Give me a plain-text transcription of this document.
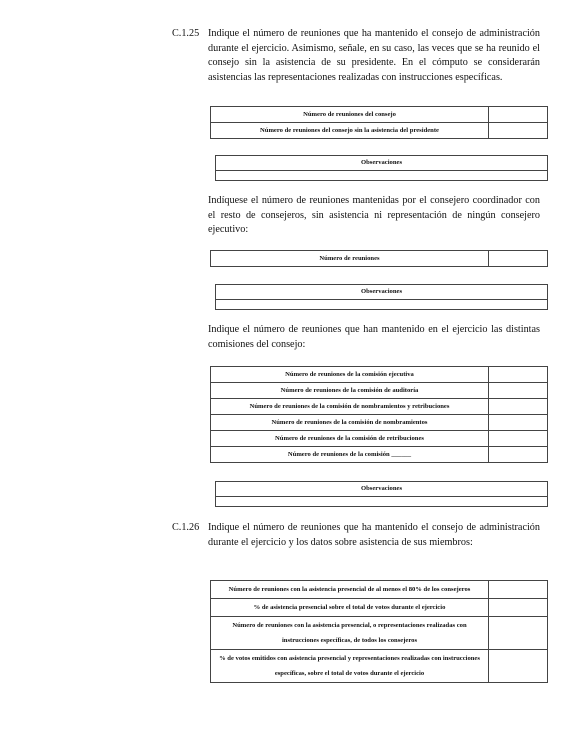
C.1.25 Indique el número de reuniones que ha mantenido el consejo de administración durante el ejercicio. Asimismo, señale, en su caso, las veces que se ha reunido el consejo sin la asistencia de su presidente. En el cómputo se considerarán asistencias las representaciones realizadas con instrucciones específicas.
Número de reuniones del consejo	
Número de reuniones del consejo sin la asistencia del presidente	
Observaciones
Indíquese el número de reuniones mantenidas por el consejero coordinador con el resto de consejeros, sin asistencia ni representación de ningún consejero ejecutivo:
Número de reuniones	
Observaciones
Indique el número de reuniones que han mantenido en el ejercicio las distintas comisiones del consejo:
Número de reuniones de la comisión ejecutiva	
Número de reuniones de la comisión de auditoría	
Número de reuniones de la comisión de nombramientos y retribuciones	
Número de reuniones de la comisión de nombramientos	
Número de reuniones de la comisión de retribuciones	
Número de reuniones de la comisión ______	
Observaciones
C.1.26 Indique el número de reuniones que ha mantenido el consejo de administración durante el ejercicio y los datos sobre asistencia de sus miembros:
Número de reuniones con la asistencia presencial de al menos el 80% de los consejeros	
% de asistencia presencial sobre el total de votos durante el ejercicio	
Número de reuniones con la asistencia presencial, o representaciones realizadas con instrucciones específicas, de todos los consejeros	
% de votos emitidos con asistencia presencial y representaciones realizadas con instrucciones específicas, sobre el total de votos durante el ejercicio	
